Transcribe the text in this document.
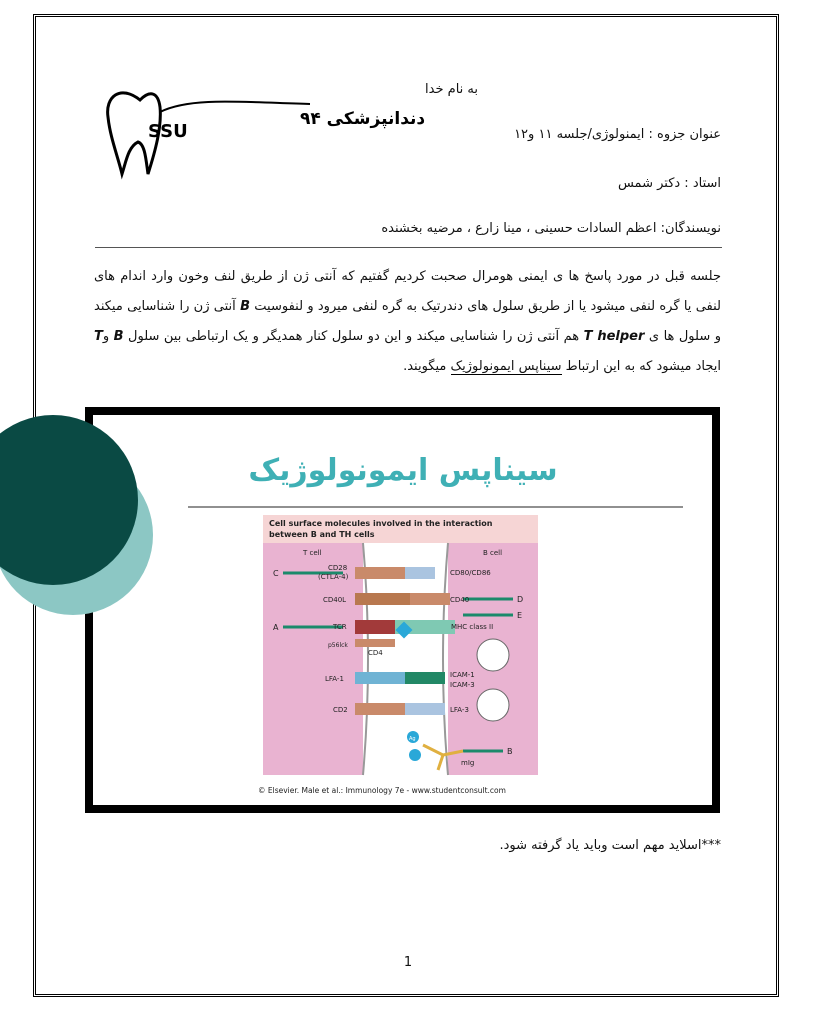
SSU
دندانپزشکی ۹۴
به نام خدا
عنوان جزوه : ایمنولوژی/جلسه ۱۱ و۱۲
استاد : دکتر شمس
نویسندگان: اعظم السادات حسینی ، مینا زارع ، مرضیه بخشنده
جلسه قبل در مورد پاسخ ها ی ایمنی هومرال صحبت کردیم گفتیم که آنتی ژن از طریق لنف وخون وارد اندام های لنفی یا گره لنفی میشود یا از طریق سلول های دندرتیک به گره لنفی میرود و لنفوسیت B آنتی ژن را شناسایی میکند و سلول ها ی T helper هم آنتی ژن را شناسایی میکند و این دو سلول کنار همدیگر و یک ارتباطی بین سلول B وT ایجاد میشود که به این ارتباط سیناپس ایمونولوژیک میگویند.
سیناپس ایمونولوژیک
Cell surface molecules involved in the interaction
between B and TH cells
T cell	B cell
C
A
D
E
B
CD28
(CTLA-4)
CD40L
TCR
p56lck
LFA-1
CD2
CD4
CD80/CD86
CD40
MHC class II
ICAM-1
ICAM-3
LFA-3
mIg
Ag
© Elsevier. Male et al.: Immunology 7e - www.studentconsult.com
***اسلاید مهم است وباید یاد گرفته شود.
1
